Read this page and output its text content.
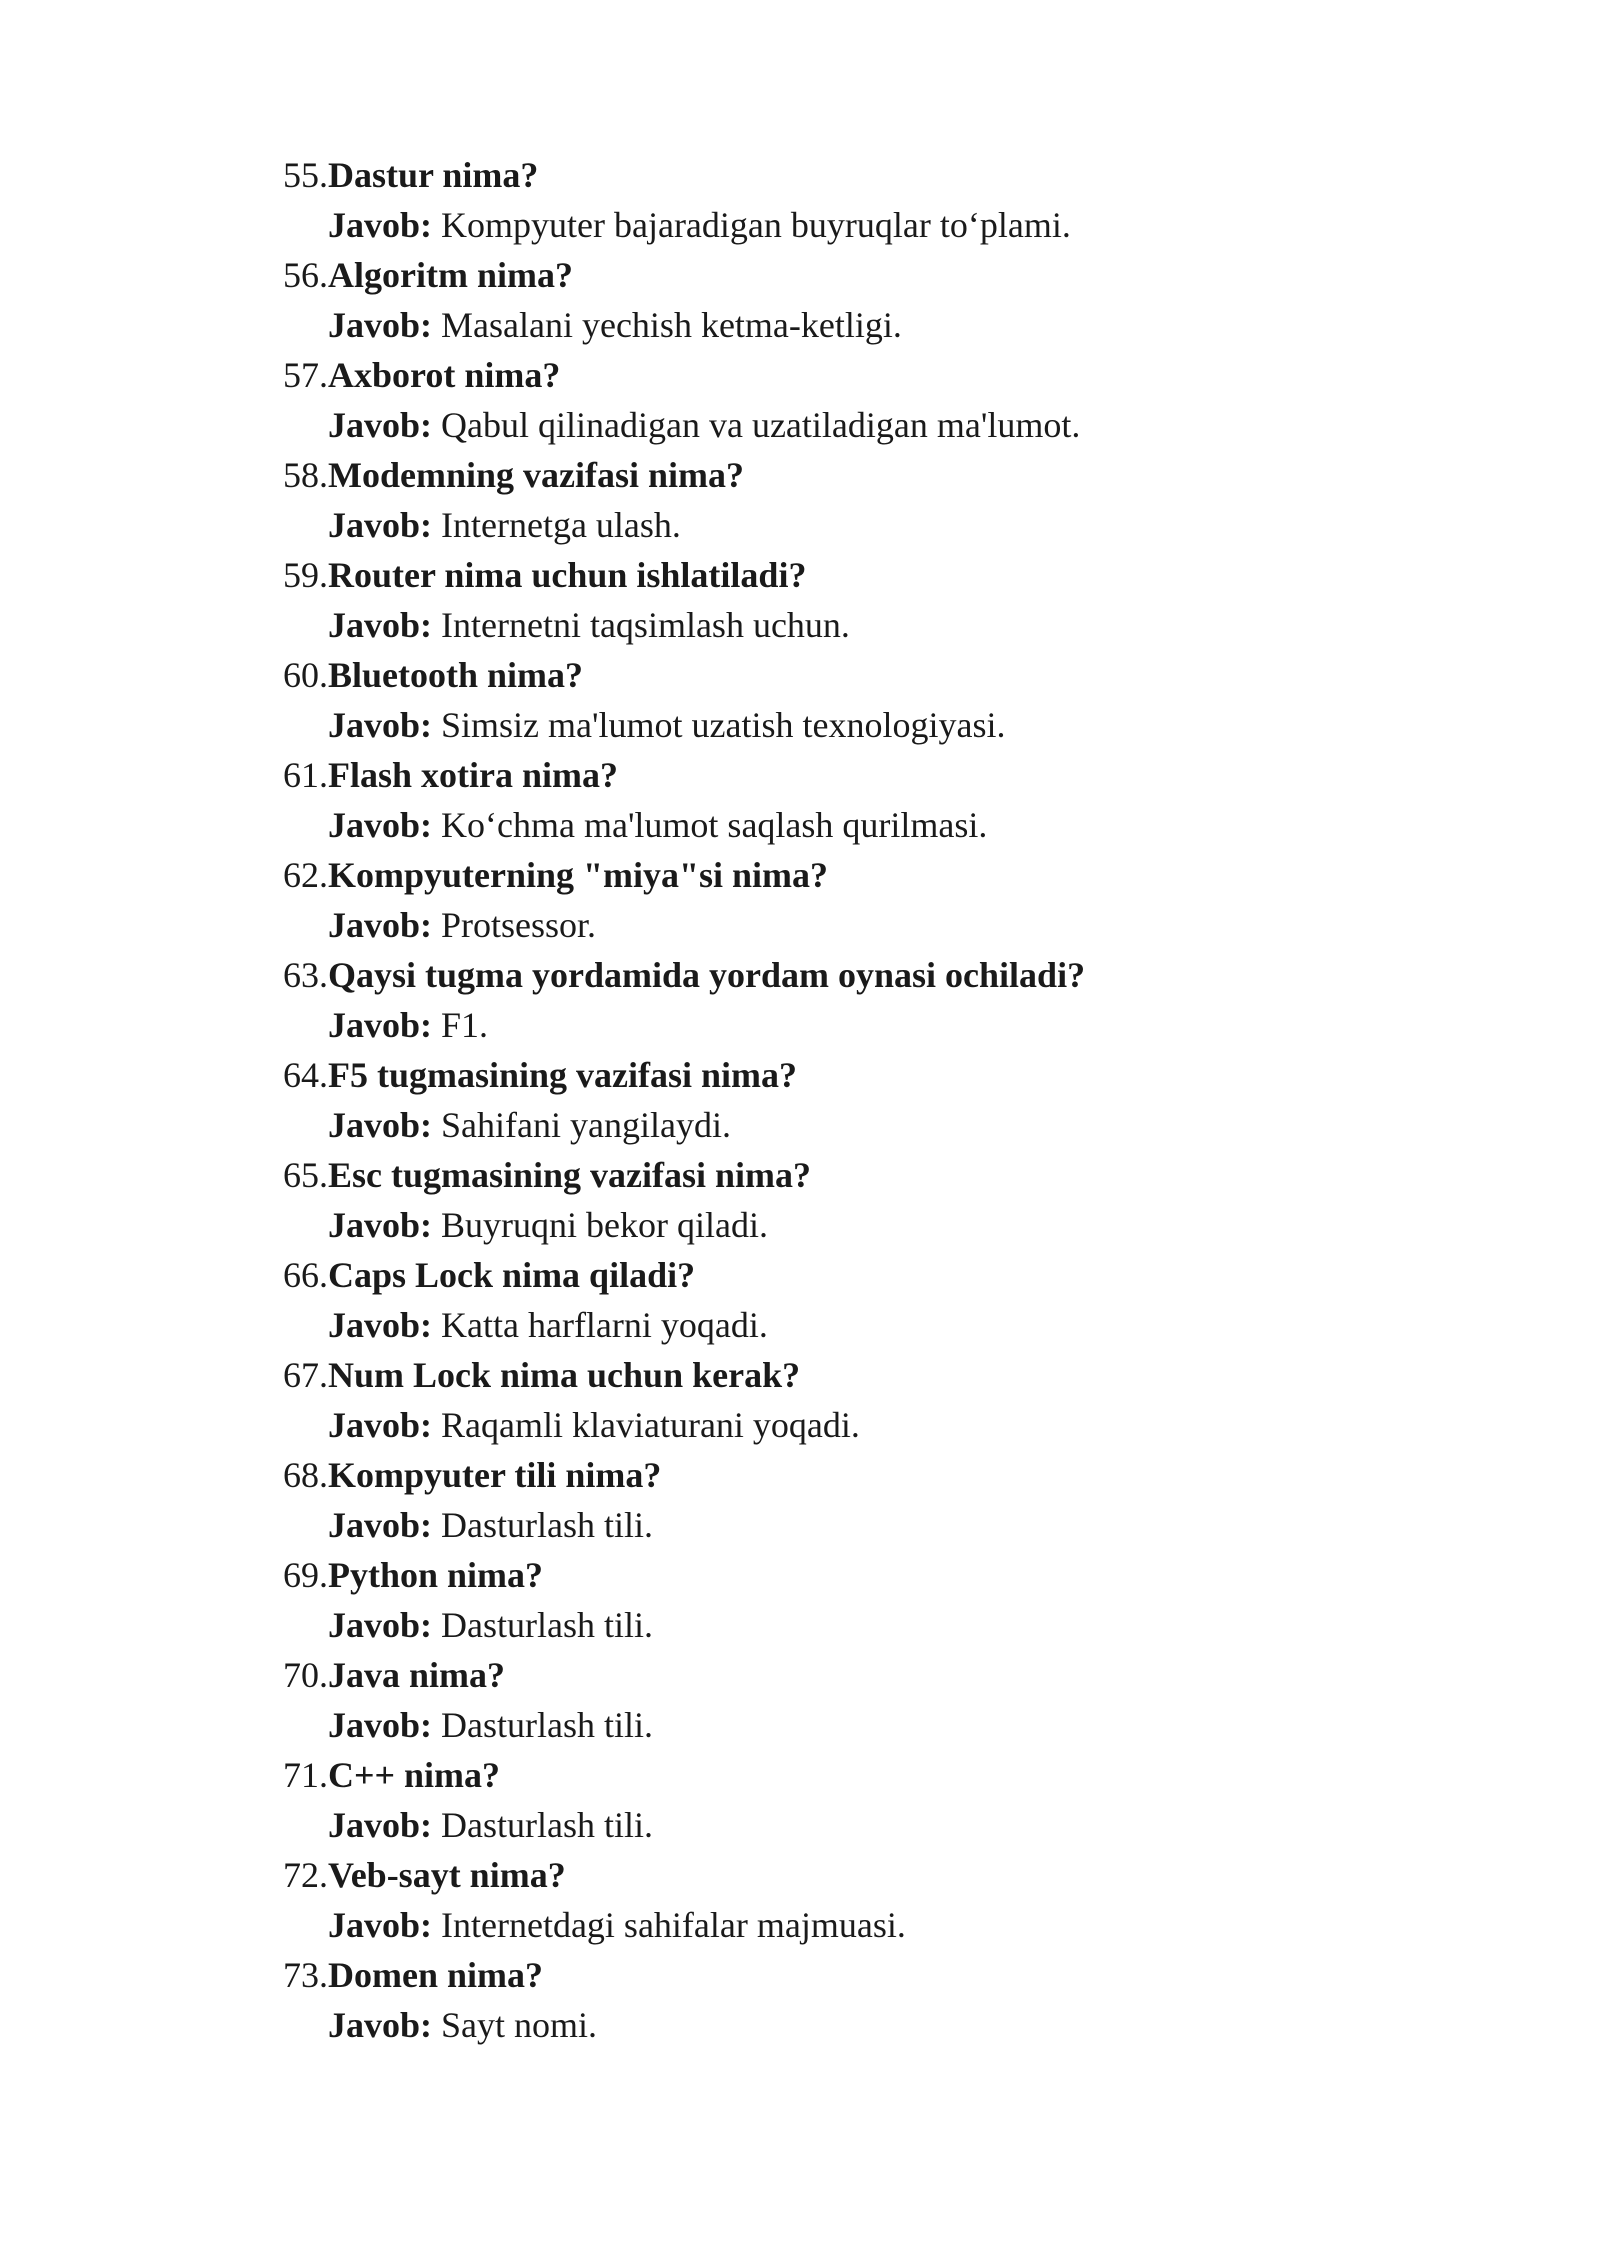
55. Dastur nima?
Javob: Kompyuter bajaradigan buyruqlar to‘plami.
56. Algoritm nima?
Javob: Masalani yechish ketma-ketligi.
57. Axborot nima?
Javob: Qabul qilinadigan va uzatiladigan ma'lumot.
58. Modemning vazifasi nima?
Javob: Internetga ulash.
59. Router nima uchun ishlatiladi?
Javob: Internetni taqsimlash uchun.
60. Bluetooth nima?
Javob: Simsiz ma'lumot uzatish texnologiyasi.
61. Flash xotira nima?
Javob: Ko‘chma ma'lumot saqlash qurilmasi.
62. Kompyuterning "miya"si nima?
Javob: Protsessor.
63. Qaysi tugma yordamida yordam oynasi ochiladi?
Javob: F1.
64. F5 tugmasining vazifasi nima?
Javob: Sahifani yangilaydi.
65. Esc tugmasining vazifasi nima?
Javob: Buyruqni bekor qiladi.
66. Caps Lock nima qiladi?
Javob: Katta harflarni yoqadi.
67. Num Lock nima uchun kerak?
Javob: Raqamli klaviaturani yoqadi.
68. Kompyuter tili nima?
Javob: Dasturlash tili.
69. Python nima?
Javob: Dasturlash tili.
70. Java nima?
Javob: Dasturlash tili.
71. C++ nima?
Javob: Dasturlash tili.
72. Veb-sayt nima?
Javob: Internetdagi sahifalar majmuasi.
73. Domen nima?
Javob: Sayt nomi.
